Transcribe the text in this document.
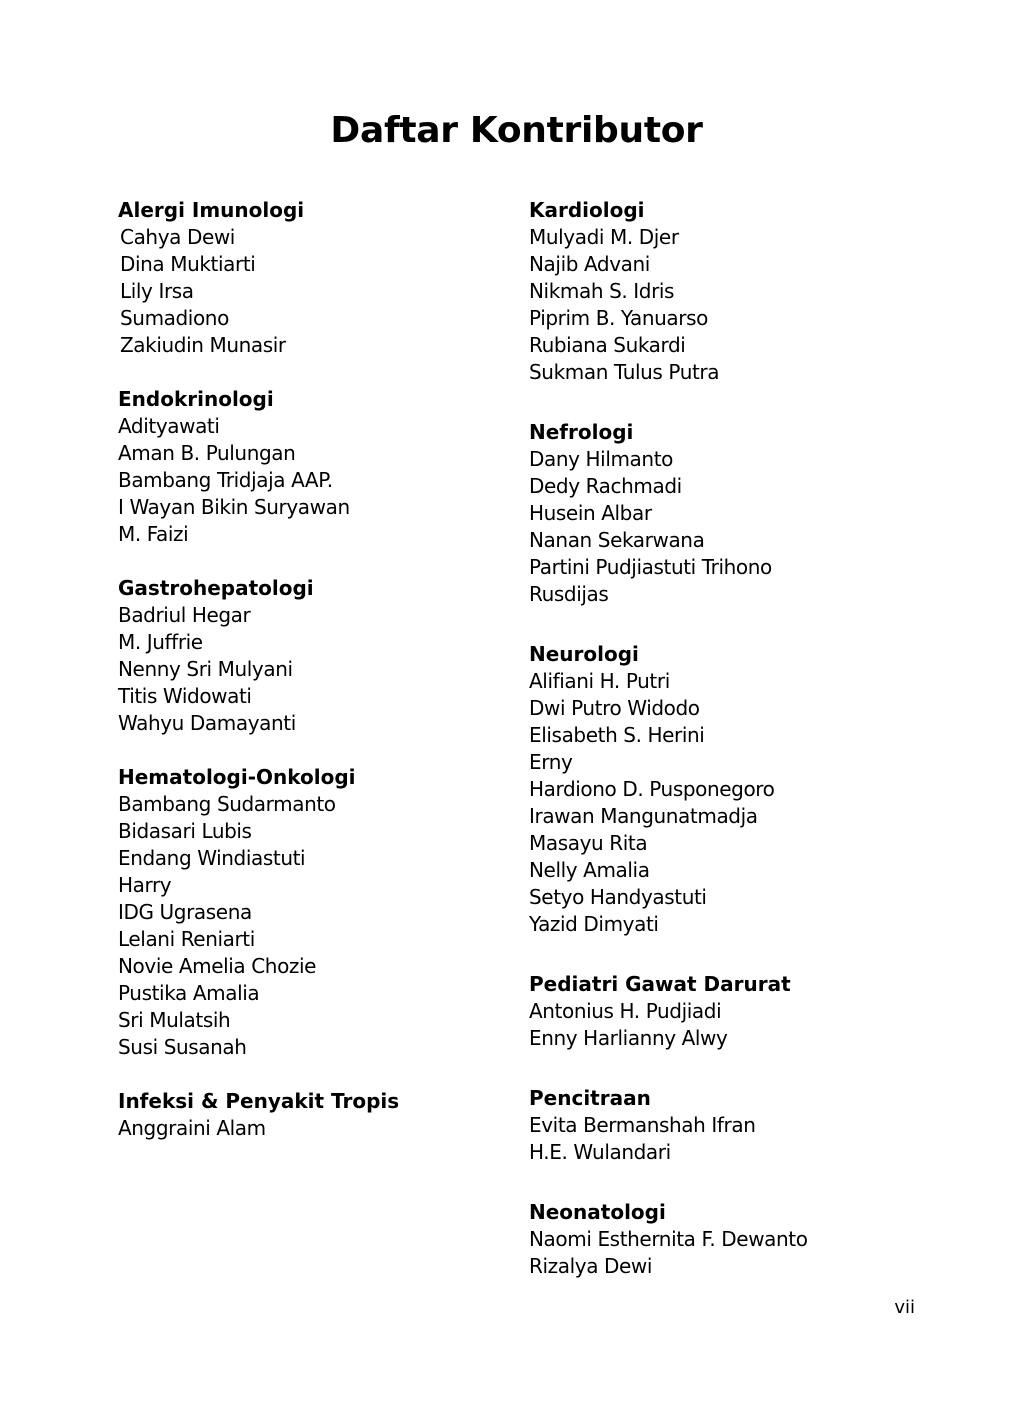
Daftar Kontributor
Alergi Imunologi
Cahya Dewi
Dina Muktiarti
Lily Irsa
Sumadiono
Zakiudin Munasir
Endokrinologi
Adityawati
Aman B. Pulungan
Bambang Tridjaja AAP.
I Wayan Bikin Suryawan
M. Faizi
Gastrohepatologi
Badriul Hegar
M. Juffrie
Nenny Sri Mulyani
Titis Widowati
Wahyu Damayanti
Hematologi-Onkologi
Bambang Sudarmanto
Bidasari Lubis
Endang Windiastuti
Harry
IDG Ugrasena
Lelani Reniarti
Novie Amelia Chozie
Pustika Amalia
Sri Mulatsih
Susi Susanah
Infeksi & Penyakit Tropis
Anggraini Alam
Kardiologi
Mulyadi M. Djer
Najib Advani
Nikmah S. Idris
Piprim B. Yanuarso
Rubiana Sukardi
Sukman Tulus Putra
Nefrologi
Dany Hilmanto
Dedy Rachmadi
Husein Albar
Nanan Sekarwana
Partini Pudjiastuti Trihono
Rusdijas
Neurologi
Alifiani H. Putri
Dwi Putro Widodo
Elisabeth S. Herini
Erny
Hardiono D. Pusponegoro
Irawan Mangunatmadja
Masayu Rita
Nelly Amalia
Setyo Handyastuti
Yazid Dimyati
Pediatri Gawat Darurat
Antonius H. Pudjiadi
Enny Harlianny Alwy
Pencitraan
Evita Bermanshah Ifran
H.E. Wulandari
Neonatologi
Naomi Esthernita F. Dewanto
Rizalya Dewi
vii
